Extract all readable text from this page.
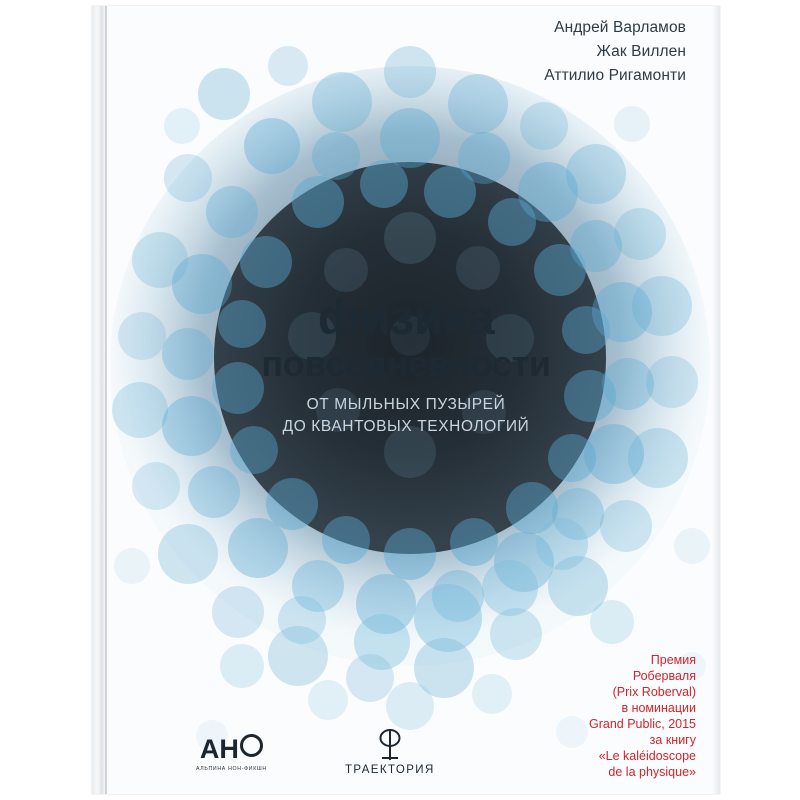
Андрей Варламов
Жак Виллен
Аттилио Ригамонти
физика
повседневности
ОТ МЫЛЬНЫХ ПУЗЫРЕЙ
ДО КВАНТОВЫХ ТЕХНОЛОГИЙ
Премия
Роберваля
(Prix Roberval)
в номинации
Grand Public, 2015
за книгу
«Le kaléidoscope
de la physique»
АН
АЛЬПИНА НОН-ФИКШН	ТРАЕКТОРИЯ
